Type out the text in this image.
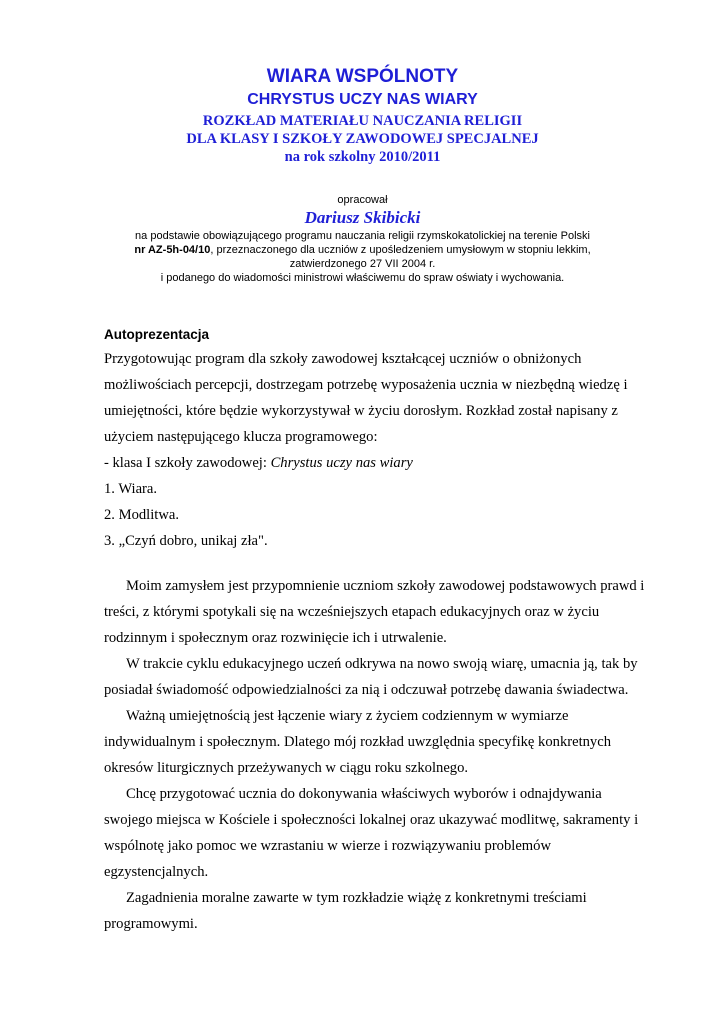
WIARA WSPÓLNOTY
CHRYSTUS UCZY NAS WIARY
ROZKŁAD MATERIAŁU NAUCZANIA RELIGII
DLA KLASY I SZKOŁY ZAWODOWEJ SPECJALNEJ
na rok szkolny 2010/2011
opracował
Dariusz Skibicki
na podstawie obowiązującego programu nauczania religii rzymskokatolickiej na terenie Polski
nr AZ-5h-04/10, przeznaczonego dla uczniów z upośledzeniem umysłowym w stopniu lekkim,
zatwierdzonego 27 VII 2004 r.
i podanego do wiadomości ministrowi właściwemu do spraw oświaty i wychowania.
Autoprezentacja
Przygotowując program dla szkoły zawodowej kształcącej uczniów o obniżonych
możliwościach percepcji, dostrzegam potrzebę wyposażenia ucznia w niezbędną wiedzę i
umiejętności, które będzie wykorzystywał w życiu dorosłym. Rozkład został napisany z
użyciem następującego klucza programowego:
- klasa I szkoły zawodowej: Chrystus uczy nas wiary
1. Wiara.
2. Modlitwa.
3. „Czyń dobro, unikaj zła".
Moim zamysłem jest przypomnienie uczniom szkoły zawodowej podstawowych prawd i
treści, z którymi spotykali się na wcześniejszych etapach edukacyjnych oraz w życiu
rodzinnym i społecznym oraz rozwinięcie ich i utrwalenie.
W trakcie cyklu edukacyjnego uczeń odkrywa na nowo swoją wiarę, umacnia ją, tak by
posiadał świadomość odpowiedzialności za nią i odczuwał potrzebę dawania świadectwa.
Ważną umiejętnością jest łączenie wiary z życiem codziennym w wymiarze
indywidualnym i społecznym. Dlatego mój rozkład uwzględnia specyfikę konkretnych
okresów liturgicznych przeżywanych w ciągu roku szkolnego.
Chcę przygotować ucznia do dokonywania właściwych wyborów i odnajdywania
swojego miejsca w Kościele i społeczności lokalnej oraz ukazywać modlitwę, sakramenty i
wspólnotę jako pomoc we wzrastaniu w wierze i rozwiązywaniu problemów
egzystencjalnych.
Zagadnienia moralne zawarte w tym rozkładzie wiążę z konkretnymi treściami
programowymi.
